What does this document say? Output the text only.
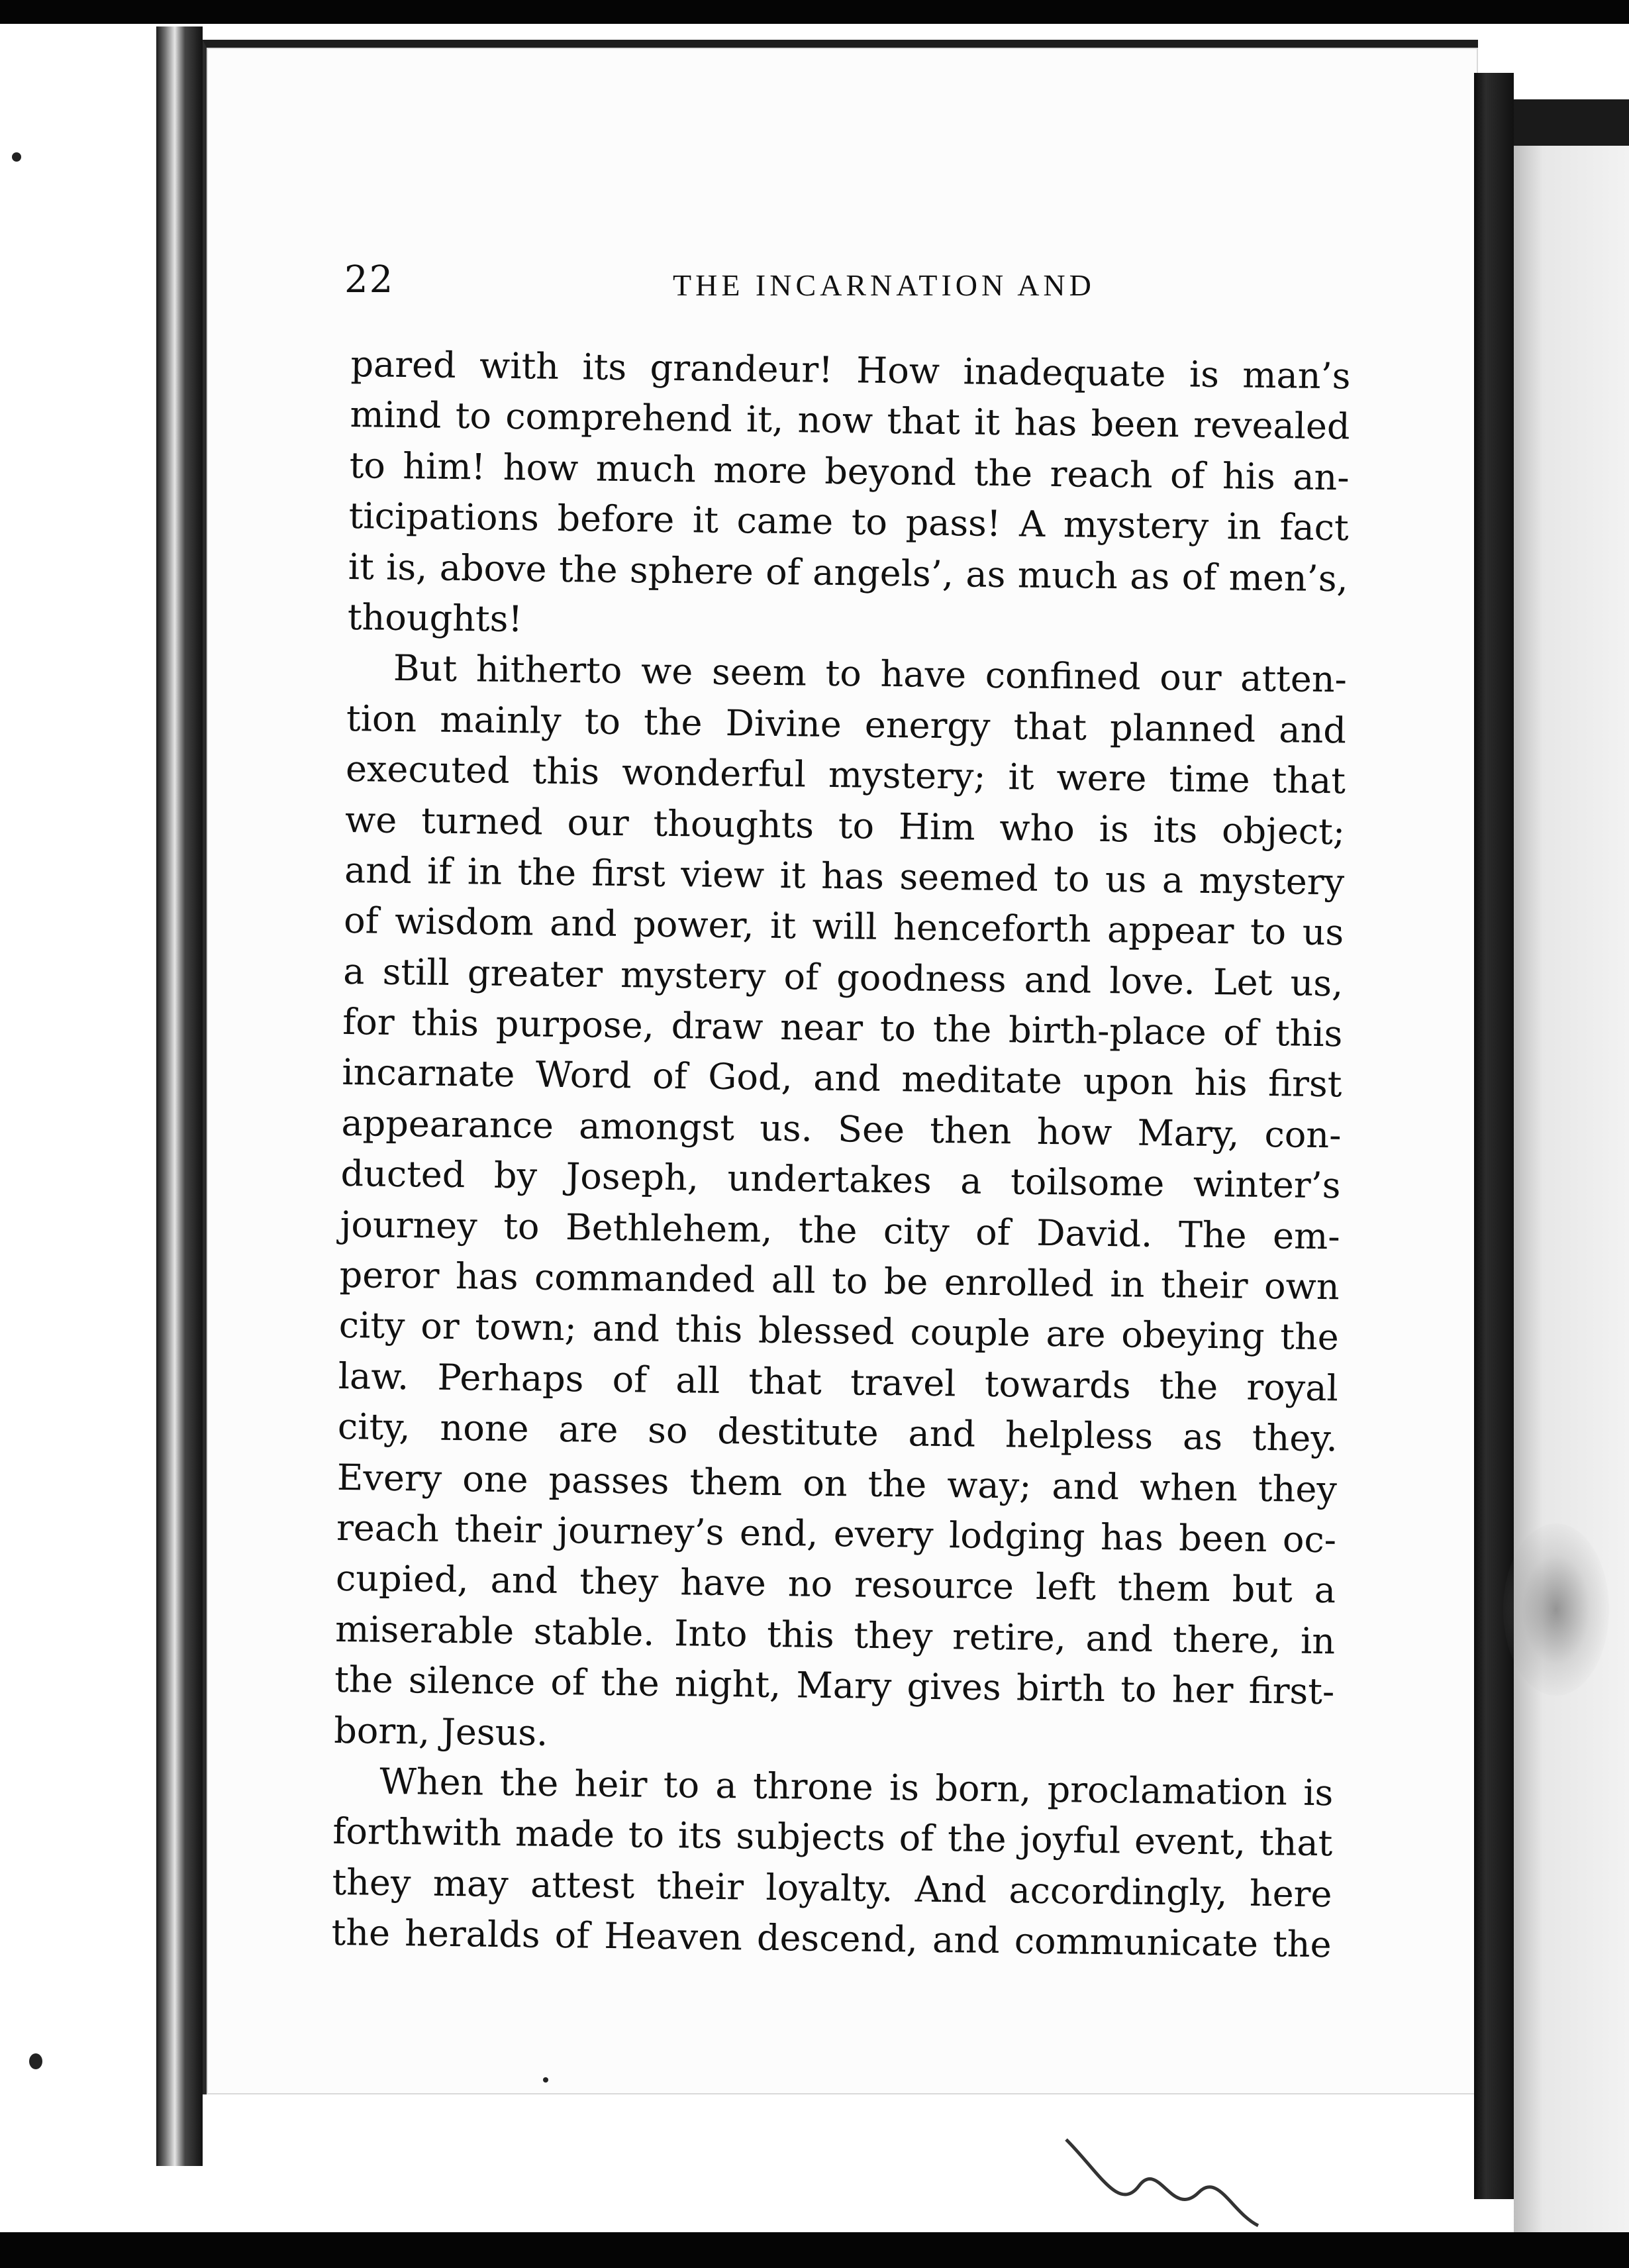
22	THE INCARNATION AND
pared with its grandeur! How inadequate is man’s
mind to comprehend it, now that it has been revealed
to him! how much more beyond the reach of his an-
ticipations before it came to pass! A mystery in fact
it is, above the sphere of angels’, as much as of men’s,
thoughts!
But hitherto we seem to have confined our atten-
tion mainly to the Divine energy that planned and
executed this wonderful mystery; it were time that
we turned our thoughts to Him who is its object;
and if in the first view it has seemed to us a mystery
of wisdom and power, it will henceforth appear to us
a still greater mystery of goodness and love. Let us,
for this purpose, draw near to the birth-place of this
incarnate Word of God, and meditate upon his first
appearance amongst us. See then how Mary, con-
ducted by Joseph, undertakes a toilsome winter’s
journey to Bethlehem, the city of David. The em-
peror has commanded all to be enrolled in their own
city or town; and this blessed couple are obeying the
law. Perhaps of all that travel towards the royal
city, none are so destitute and helpless as they.
Every one passes them on the way; and when they
reach their journey’s end, every lodging has been oc-
cupied, and they have no resource left them but a
miserable stable. Into this they retire, and there, in
the silence of the night, Mary gives birth to her first-
born, Jesus.
When the heir to a throne is born, proclamation is
forthwith made to its subjects of the joyful event, that
they may attest their loyalty. And accordingly, here
the heralds of Heaven descend, and communicate the
